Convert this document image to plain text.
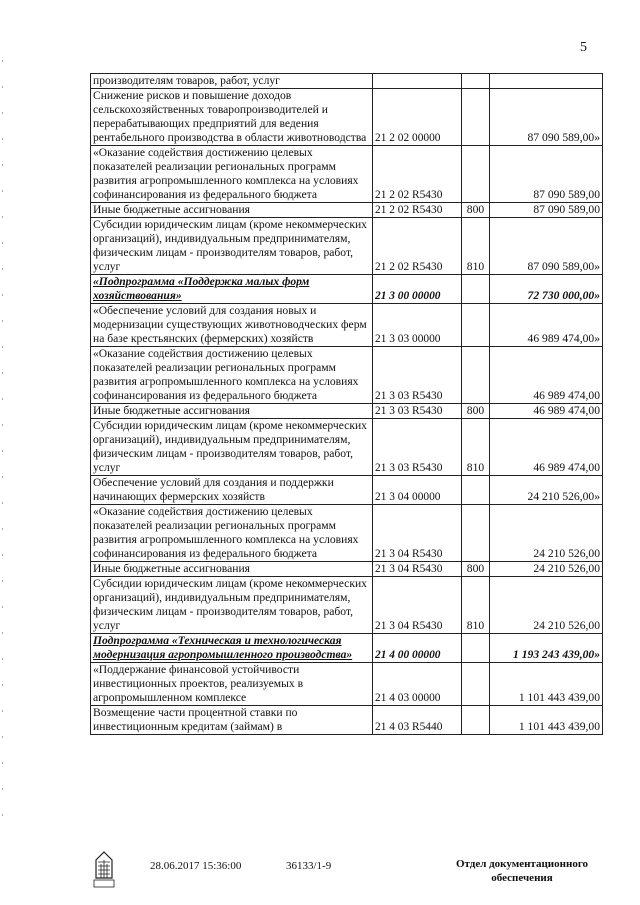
5
производителям товаров, работ, услуг			
Снижение рисков и повышение доходов сельскохозяйственных товаропроизводителей и перерабатывающих предприятий для ведения рентабельного производства в области животноводства	21 2 02 00000		87 090 589,00»
«Оказание содействия достижению целевых показателей реализации региональных программ развития агропромышленного комплекса на условиях софинансирования из федерального бюджета	21 2 02 R5430		87 090 589,00
Иные бюджетные ассигнования	21 2 02 R5430	800	87 090 589,00
Субсидии юридическим лицам (кроме некоммерческих организаций), индивидуальным предпринимателям, физическим лицам - производителям товаров, работ, услуг	21 2 02 R5430	810	87 090 589,00»
«Подпрограмма «Поддержка малых форм хозяйствования»	21 3 00 00000		72 730 000,00»
«Обеспечение условий для создания новых и модернизации существующих животноводческих ферм на базе крестьянских (фермерских) хозяйств	21 3 03 00000		46 989 474,00»
«Оказание содействия достижению целевых показателей реализации региональных программ развития агропромышленного комплекса на условиях софинансирования из федерального бюджета	21 3 03 R5430		46 989 474,00
Иные бюджетные ассигнования	21 3 03 R5430	800	46 989 474,00
Субсидии юридическим лицам (кроме некоммерческих организаций), индивидуальным предпринимателям, физическим лицам - производителям товаров, работ, услуг	21 3 03 R5430	810	46 989 474,00
Обеспечение условий для создания и поддержки начинающих фермерских хозяйств	21 3 04 00000		24 210 526,00»
«Оказание содействия достижению целевых показателей реализации региональных программ развития агропромышленного комплекса на условиях софинансирования из федерального бюджета	21 3 04 R5430		24 210 526,00
Иные бюджетные ассигнования	21 3 04 R5430	800	24 210 526,00
Субсидии юридическим лицам (кроме некоммерческих организаций), индивидуальным предпринимателям, физическим лицам - производителям товаров, работ, услуг	21 3 04 R5430	810	24 210 526,00
Подпрограмма «Техническая и технологическая модернизация агропромышленного производства»	21 4 00 00000		1 193 243 439,00»
«Поддержание финансовой устойчивости инвестиционных проектов, реализуемых в агропромышленном комплексе	21 4 03 00000		1 101 443 439,00
Возмещение части процентной ставки по инвестиционным кредитам (займам) в	21 4 03 R5440		1 101 443 439,00
28.06.2017 15:36:00	36133/1-9	Отдел документационного обеспечения
